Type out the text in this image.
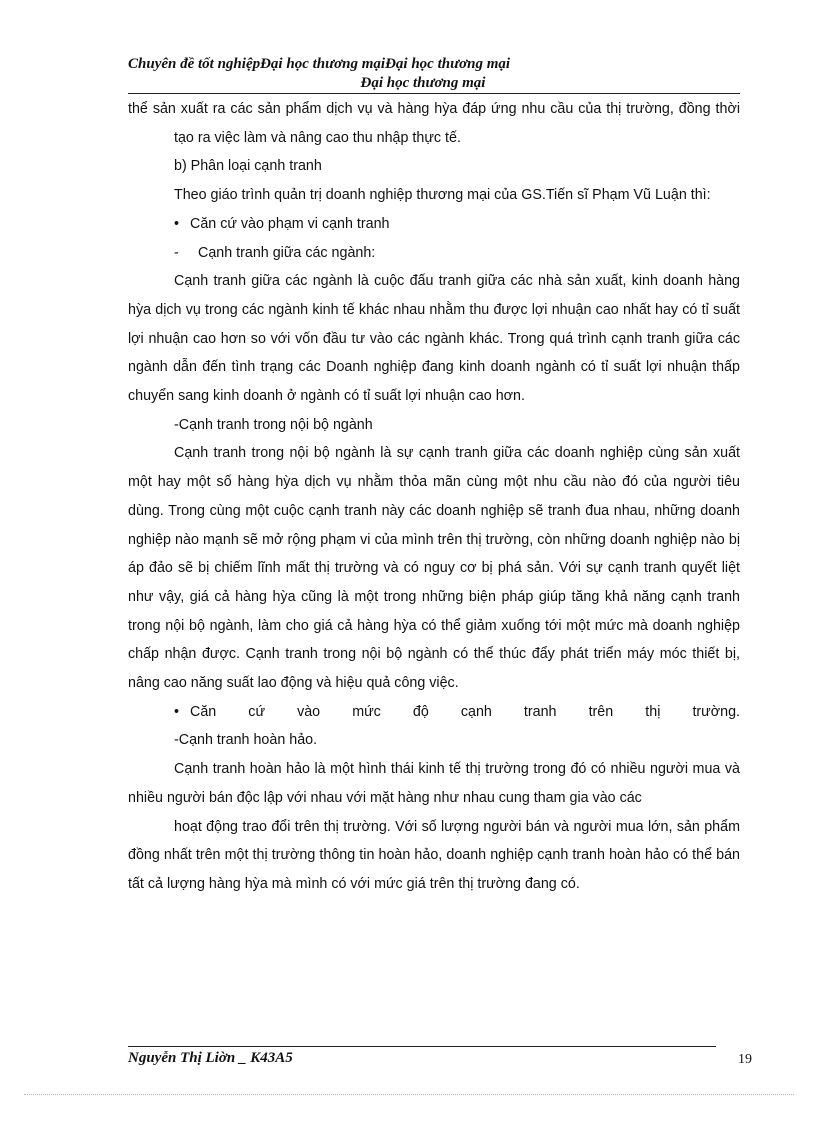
Chuyên đề tốt nghiệpĐại học thương mạiĐại học thương mại
Đại học thương mại

thể sản xuất ra các sản phẩm dịch vụ và hàng hỳa đáp ứng nhu cầu của thị trường, đồng thời tạo ra việc làm và nâng cao thu nhập thực tế.

b) Phân loại cạnh tranh

Theo giáo trình quản trị doanh nghiệp thương mại của GS.Tiến sĩ Phạm Vũ Luận thì:

• Căn cứ vào phạm vi cạnh tranh

- Cạnh tranh giữa các ngành:

Cạnh tranh giữa các ngành là cuộc đấu tranh giữa các nhà sản xuất, kinh doanh hàng hỳa dịch vụ trong các ngành kinh tế khác nhau nhằm thu được lợi nhuận cao nhất hay có tỉ suất lợi nhuận cao hơn so với vốn đầu tư vào các ngành khác. Trong quá trình cạnh tranh giữa các ngành dẫn đến tình trạng các Doanh nghiệp đang kinh doanh ngành có tỉ suất lợi nhuận thấp chuyển sang kinh doanh ở ngành có tỉ suất lợi nhuận cao hơn.

-Cạnh tranh trong nội bộ ngành

Cạnh tranh trong nội bộ ngành là sự cạnh tranh giữa các doanh nghiệp cùng sản xuất một hay một số hàng hỳa dịch vụ nhằm thỏa mãn cùng một nhu cầu nào đó của người tiêu dùng. Trong cùng một cuộc cạnh tranh này các doanh nghiệp sẽ tranh đua nhau, những doanh nghiệp nào mạnh sẽ mở rộng phạm vi của mình trên thị trường, còn những doanh nghiệp nào bị áp đảo sẽ bị chiếm lĩnh mất thị trường và có nguy cơ bị phá sản. Với sự cạnh tranh quyết liệt như vậy, giá cả hàng hỳa cũng là một trong những biện pháp giúp tăng khả năng cạnh tranh trong nội bộ ngành, làm cho giá cả hàng hỳa có thể giảm xuống tới một mức mà doanh nghiệp chấp nhận được. Cạnh tranh trong nội bộ ngành có thể thúc đẩy phát triển máy móc thiết bị, nâng cao năng suất lao động và hiệu quả công việc.

• Căn cứ vào mức độ cạnh tranh trên thị trường.

-Cạnh tranh hoàn hảo.

Cạnh tranh hoàn hảo là một hình thái kinh tế thị trường trong đó có nhiều người mua và nhiều người bán độc lập với nhau với mặt hàng như nhau cung tham gia vào các

hoạt động trao đổi trên thị trường. Với số lượng người bán và người mua lớn, sản phẩm đồng nhất trên một thị trường thông tin hoàn hảo, doanh nghiệp cạnh tranh hoàn hảo có thể bán tất cả lượng hàng hỳa mà mình có với mức giá trên thị trường đang có.

Nguyễn Thị Liờn _ K43A5	19
